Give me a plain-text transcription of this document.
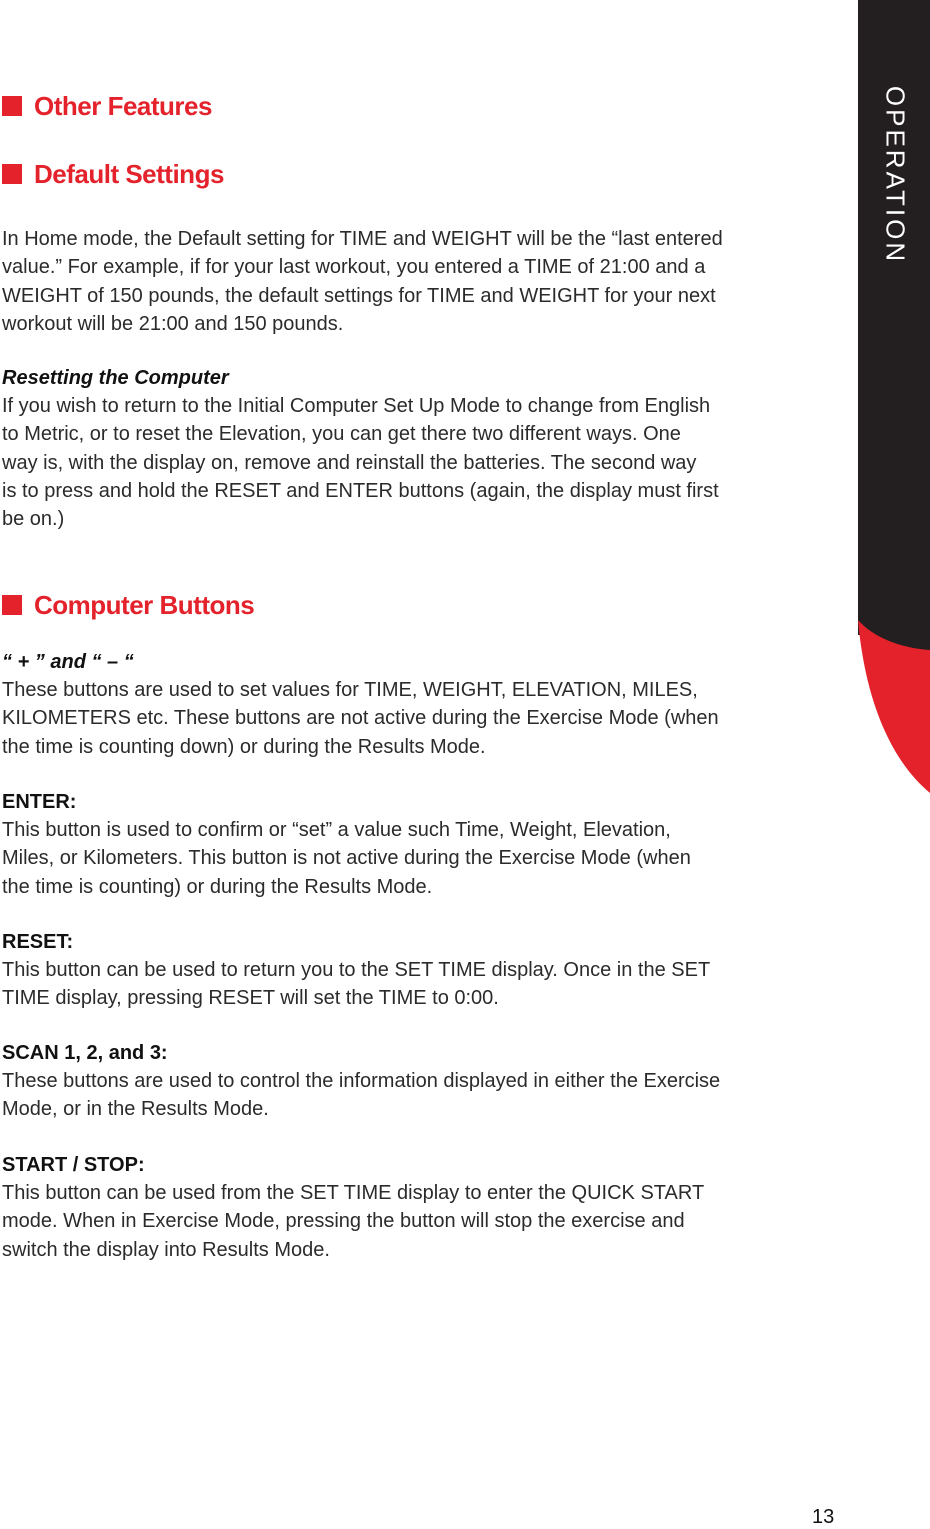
OPERATION
Other Features
Default Settings

In Home mode, the Default setting for TIME and WEIGHT will be the “last entered
value.” For example, if for your last workout, you entered a TIME of 21:00 and a
WEIGHT of 150 pounds, the default settings for TIME and WEIGHT for your next
workout will be 21:00 and 150 pounds.

Resetting the Computer

If you wish to return to the Initial Computer Set Up Mode to change from English
to Metric, or to reset the Elevation, you can get there two different ways. One
way is, with the display on, remove and reinstall the batteries. The second way
is to press and hold the RESET and ENTER buttons (again, the display must first
be on.)

Computer Buttons
“ + ” and “ – “

These buttons are used to set values for TIME, WEIGHT, ELEVATION, MILES,
KILOMETERS etc. These buttons are not active during the Exercise Mode (when
the time is counting down) or during the Results Mode.

ENTER:

This button is used to confirm or “set” a value such Time, Weight, Elevation,
Miles, or Kilometers. This button is not active during the Exercise Mode (when
the time is counting) or during the Results Mode.

RESET:

This button can be used to return you to the SET TIME display. Once in the SET
TIME display, pressing RESET will set the TIME to 0:00.

SCAN 1, 2, and 3:

These buttons are used to control the information displayed in either the Exercise
Mode, or in the Results Mode.

START / STOP:

This button can be used from the SET TIME display to enter the QUICK START
mode. When in Exercise Mode, pressing the button will stop the exercise and
switch the display into Results Mode.

13
